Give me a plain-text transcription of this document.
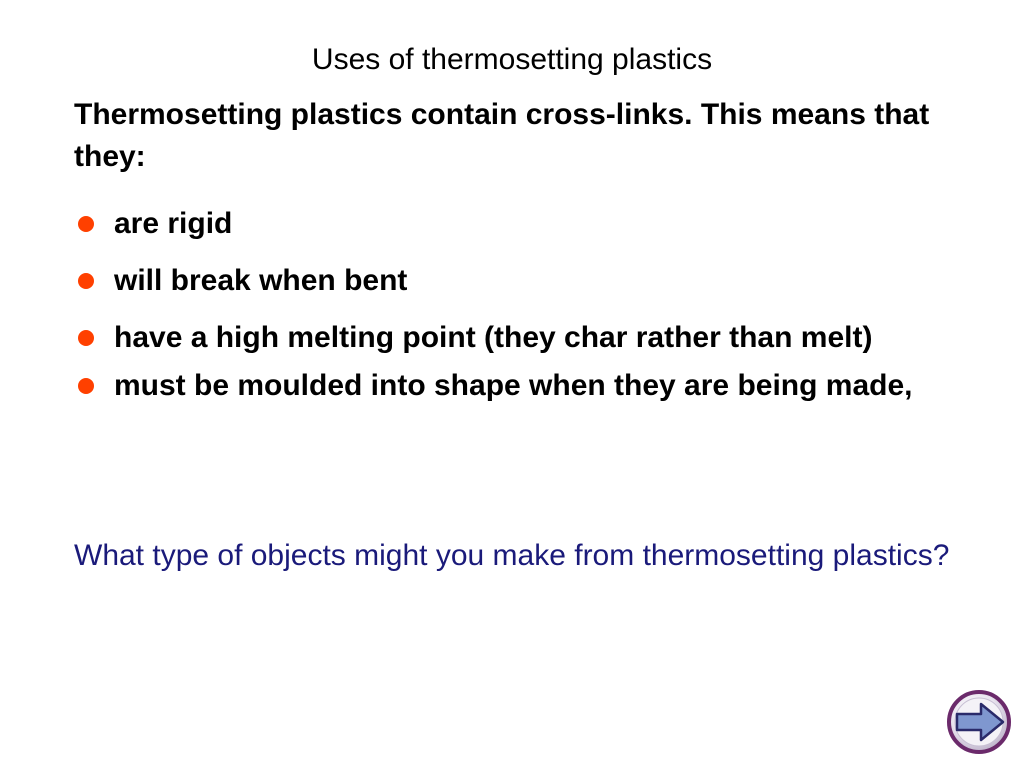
Uses of thermosetting plastics
Thermosetting plastics contain cross-links. This means that they:
are rigid
will break when bent
have a high melting point (they char rather than melt)
must be moulded into shape when they are being made,
What type of objects might you make from thermosetting plastics?
